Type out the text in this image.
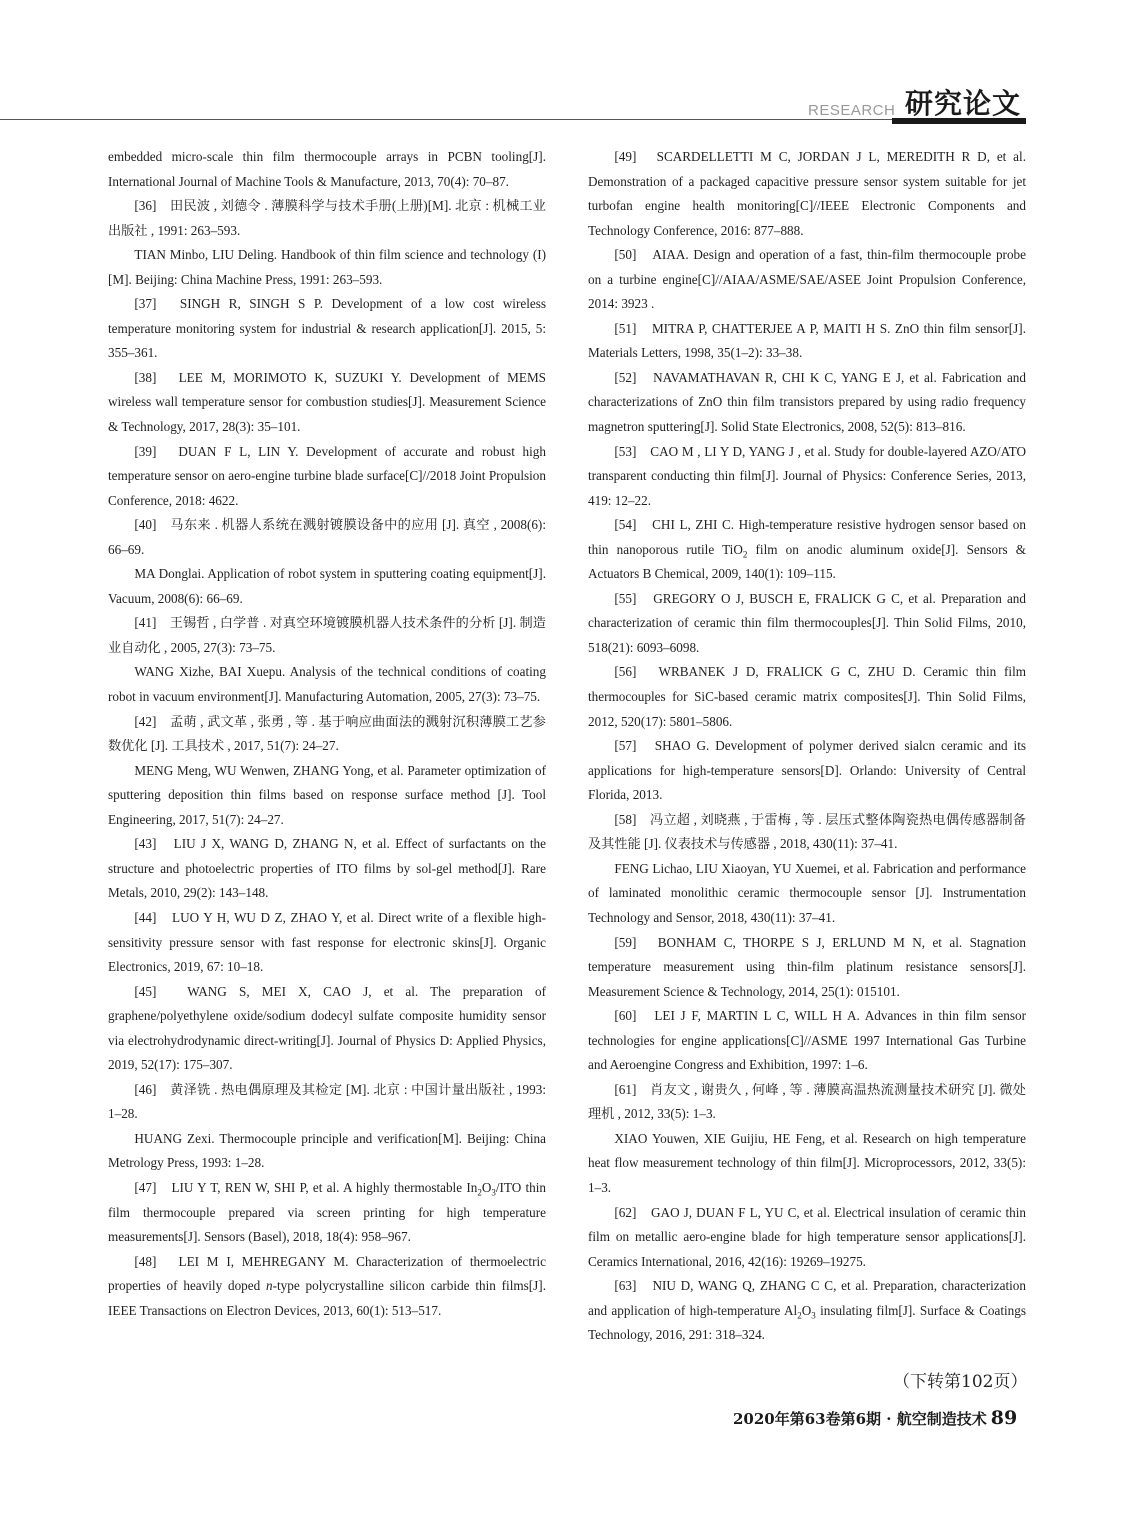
RESEARCH 研究论文

embedded micro-scale thin film thermocouple arrays in PCBN tooling[J]. International Journal of Machine Tools & Manufacture, 2013, 70(4): 70–87.

[36]　田民波 , 刘德令 . 薄膜科学与技术手册(上册)[M]. 北京 : 机械工业出版社 , 1991: 263–593.

TIAN Minbo, LIU Deling. Handbook of thin film science and technology (I) [M]. Beijing: China Machine Press, 1991: 263–593.

[37]　SINGH R, SINGH S P. Development of a low cost wireless temperature monitoring system for industrial & research application[J]. 2015, 5: 355–361.

[38]　LEE M, MORIMOTO K, SUZUKI Y. Development of MEMS wireless wall temperature sensor for combustion studies[J]. Measurement Science & Technology, 2017, 28(3): 35–101.

[39]　DUAN F L, LIN Y. Development of accurate and robust high temperature sensor on aero-engine turbine blade surface[C]//2018 Joint Propulsion Conference, 2018: 4622.

[40]　马东来 . 机器人系统在溅射镀膜设备中的应用 [J]. 真空 , 2008(6): 66–69.

MA Donglai. Application of robot system in sputtering coating equipment[J]. Vacuum, 2008(6): 66–69.

[41]　王锡哲 , 白学普 . 对真空环境镀膜机器人技术条件的分析 [J]. 制造业自动化 , 2005, 27(3): 73–75.

WANG Xizhe, BAI Xuepu. Analysis of the technical conditions of coating robot in vacuum environment[J]. Manufacturing Automation, 2005, 27(3): 73–75.

[42]　孟萌 , 武文革 , 张勇 , 等 . 基于响应曲面法的溅射沉积薄膜工艺参数优化 [J]. 工具技术 , 2017, 51(7): 24–27.

MENG Meng, WU Wenwen, ZHANG Yong, et al. Parameter optimization of sputtering deposition thin films based on response surface method [J]. Tool Engineering, 2017, 51(7): 24–27.

[43]　LIU J X, WANG D, ZHANG N, et al. Effect of surfactants on the structure and photoelectric properties of ITO films by sol-gel method[J]. Rare Metals, 2010, 29(2): 143–148.

[44]　LUO Y H, WU D Z, ZHAO Y, et al. Direct write of a flexible high-sensitivity pressure sensor with fast response for electronic skins[J]. Organic Electronics, 2019, 67: 10–18.

[45]　WANG S, MEI X, CAO J, et al. The preparation of graphene/polyethylene oxide/sodium dodecyl sulfate composite humidity sensor via electrohydrodynamic direct-writing[J]. Journal of Physics D: Applied Physics, 2019, 52(17): 175–307.

[46]　黄泽铣 . 热电偶原理及其检定 [M]. 北京 : 中国计量出版社 , 1993: 1–28.

HUANG Zexi. Thermocouple principle and verification[M]. Beijing: China Metrology Press, 1993: 1–28.

[47]　LIU Y T, REN W, SHI P, et al. A highly thermostable $In_2O_3$/ITO thin film thermocouple prepared via screen printing for high temperature measurements[J]. Sensors (Basel), 2018, 18(4): 958–967.

[48]　LEI M I, MEHREGANY M. Characterization of thermoelectric properties of heavily doped n-type polycrystalline silicon carbide thin films[J]. IEEE Transactions on Electron Devices, 2013, 60(1): 513–517.

[49]　SCARDELLETTI M C, JORDAN J L, MEREDITH R D, et al. Demonstration of a packaged capacitive pressure sensor system suitable for jet turbofan engine health monitoring[C]//IEEE Electronic Components and Technology Conference, 2016: 877–888.

[50]　AIAA. Design and operation of a fast, thin-film thermocouple probe on a turbine engine[C]//AIAA/ASME/SAE/ASEE Joint Propulsion Conference, 2014: 3923 .

[51]　MITRA P, CHATTERJEE A P, MAITI H S. ZnO thin film sensor[J]. Materials Letters, 1998, 35(1–2): 33–38.

[52]　NAVAMATHAVAN R, CHI K C, YANG E J, et al. Fabrication and characterizations of ZnO thin film transistors prepared by using radio frequency magnetron sputtering[J]. Solid State Electronics, 2008, 52(5): 813–816.

[53]　CAO M , LI Y D, YANG J , et al. Study for double-layered AZO/ATO transparent conducting thin film[J]. Journal of Physics: Conference Series, 2013, 419: 12–22.

[54]　CHI L, ZHI C. High-temperature resistive hydrogen sensor based on thin nanoporous rutile TiO$_2$ film on anodic aluminum oxide[J]. Sensors & Actuators B Chemical, 2009, 140(1): 109–115.

[55]　GREGORY O J, BUSCH E, FRALICK G C, et al. Preparation and characterization of ceramic thin film thermocouples[J]. Thin Solid Films, 2010, 518(21): 6093–6098.

[56]　WRBANEK J D, FRALICK G C, ZHU D. Ceramic thin film thermocouples for SiC-based ceramic matrix composites[J]. Thin Solid Films, 2012, 520(17): 5801–5806.

[57]　SHAO G. Development of polymer derived sialcn ceramic and its applications for high-temperature sensors[D]. Orlando: University of Central Florida, 2013.

[58]　冯立超 , 刘晓燕 , 于雷梅 , 等 . 层压式整体陶瓷热电偶传感器制备及其性能 [J]. 仪表技术与传感器 , 2018, 430(11): 37–41.

FENG Lichao, LIU Xiaoyan, YU Xuemei, et al. Fabrication and performance of laminated monolithic ceramic thermocouple sensor [J]. Instrumentation Technology and Sensor, 2018, 430(11): 37–41.

[59]　BONHAM C, THORPE S J, ERLUND M N, et al. Stagnation temperature measurement using thin-film platinum resistance sensors[J]. Measurement Science & Technology, 2014, 25(1): 015101.

[60]　LEI J F, MARTIN L C, WILL H A. Advances in thin film sensor technologies for engine applications[C]//ASME 1997 International Gas Turbine and Aeroengine Congress and Exhibition, 1997: 1–6.

[61]　肖友文 , 谢贵久 , 何峰 , 等 . 薄膜高温热流测量技术研究 [J]. 微处理机 , 2012, 33(5): 1–3.

XIAO Youwen, XIE Guijiu, HE Feng, et al. Research on high temperature heat flow measurement technology of thin film[J]. Microprocessors, 2012, 33(5): 1–3.

[62]　GAO J, DUAN F L, YU C, et al. Electrical insulation of ceramic thin film on metallic aero-engine blade for high temperature sensor applications[J]. Ceramics International, 2016, 42(16): 19269–19275.

[63]　NIU D, WANG Q, ZHANG C C, et al. Preparation, characterization and application of high-temperature $Al_2O_3$ insulating film[J]. Surface & Coatings Technology, 2016, 291: 318–324.

（下转第102页）
2020年第63卷第6期 · 航空制造技术 89
